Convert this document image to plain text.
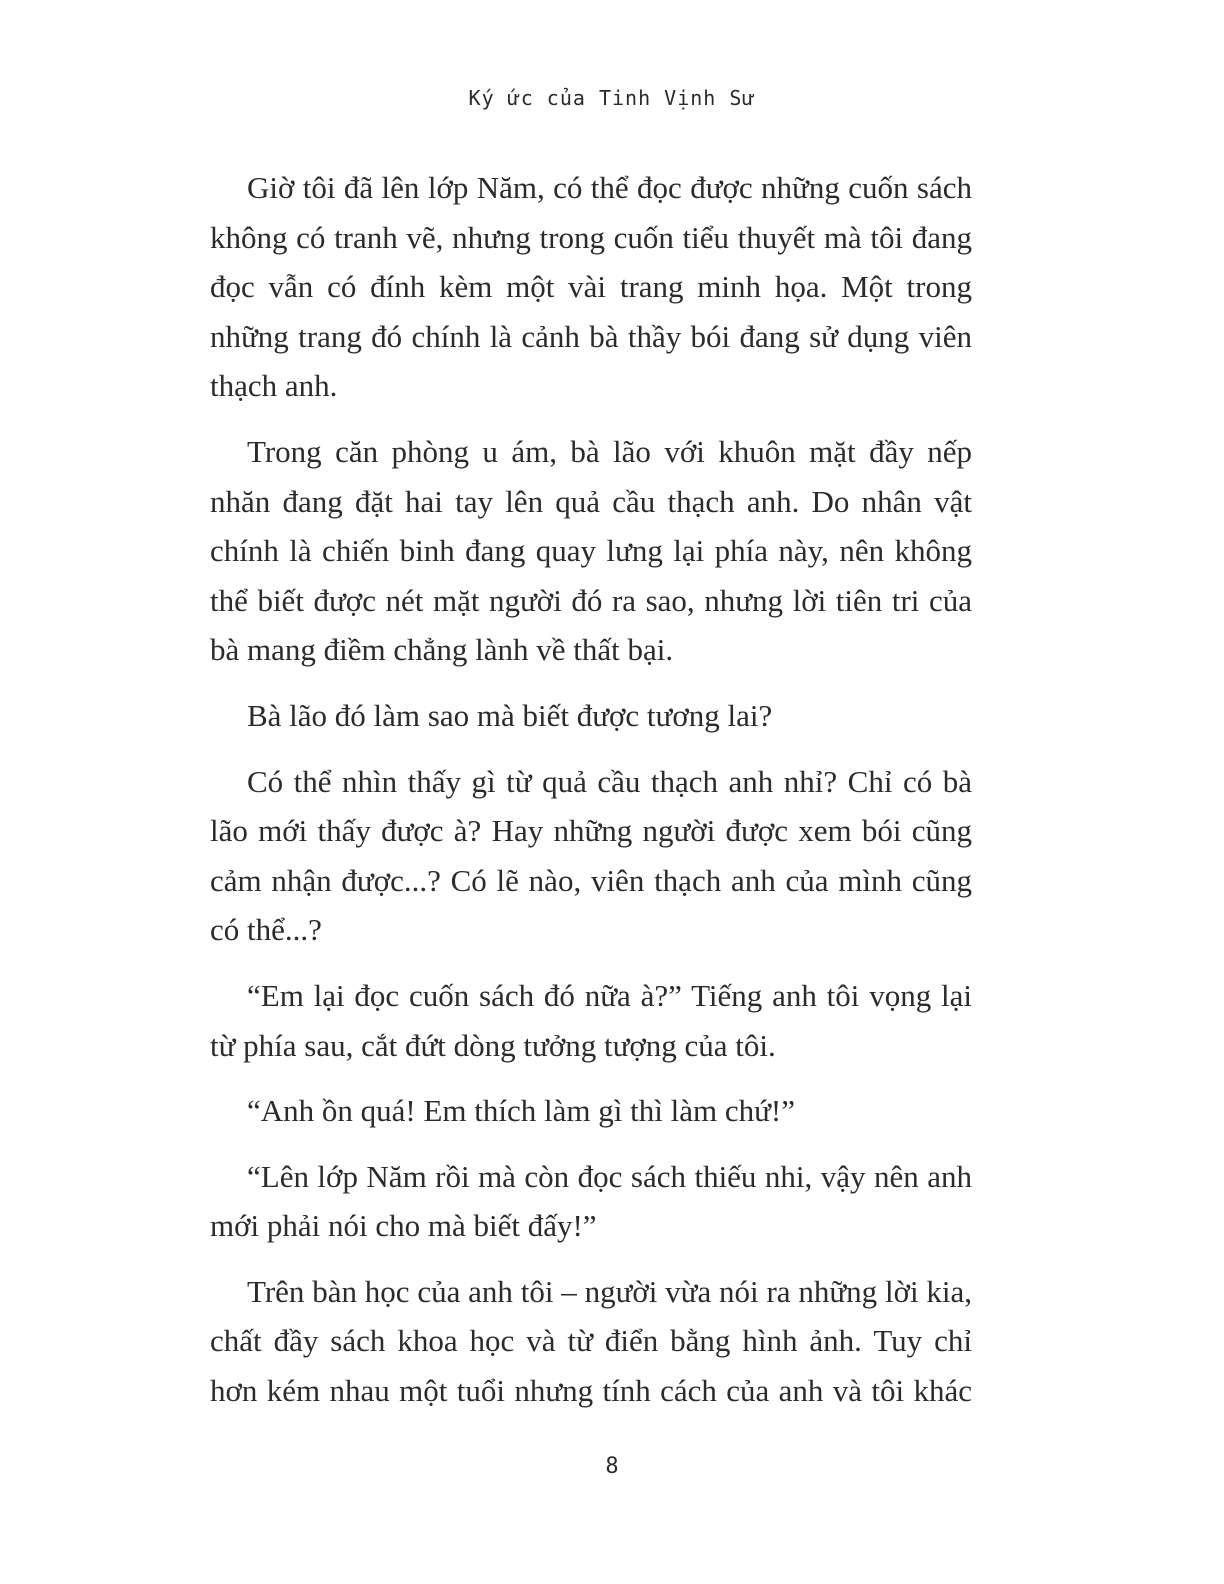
Ký ức của Tinh Vịnh Sư

Giờ tôi đã lên lớp Năm, có thể đọc được những cuốn sách không có tranh vẽ, nhưng trong cuốn tiểu thuyết mà tôi đang đọc vẫn có đính kèm một vài trang minh họa. Một trong những trang đó chính là cảnh bà thầy bói đang sử dụng viên thạch anh.

Trong căn phòng u ám, bà lão với khuôn mặt đầy nếp nhăn đang đặt hai tay lên quả cầu thạch anh. Do nhân vật chính là chiến binh đang quay lưng lại phía này, nên không thể biết được nét mặt người đó ra sao, nhưng lời tiên tri của bà mang điềm chẳng lành về thất bại.

Bà lão đó làm sao mà biết được tương lai?

Có thể nhìn thấy gì từ quả cầu thạch anh nhỉ? Chỉ có bà lão mới thấy được à? Hay những người được xem bói cũng cảm nhận được...? Có lẽ nào, viên thạch anh của mình cũng có thể...?

“Em lại đọc cuốn sách đó nữa à?” Tiếng anh tôi vọng lại từ phía sau, cắt đứt dòng tưởng tượng của tôi.

“Anh ồn quá! Em thích làm gì thì làm chứ!”

“Lên lớp Năm rồi mà còn đọc sách thiếu nhi, vậy nên anh mới phải nói cho mà biết đấy!”

Trên bàn học của anh tôi – người vừa nói ra những lời kia, chất đầy sách khoa học và từ điển bằng hình ảnh. Tuy chỉ hơn kém nhau một tuổi nhưng tính cách của anh và tôi khác

8
